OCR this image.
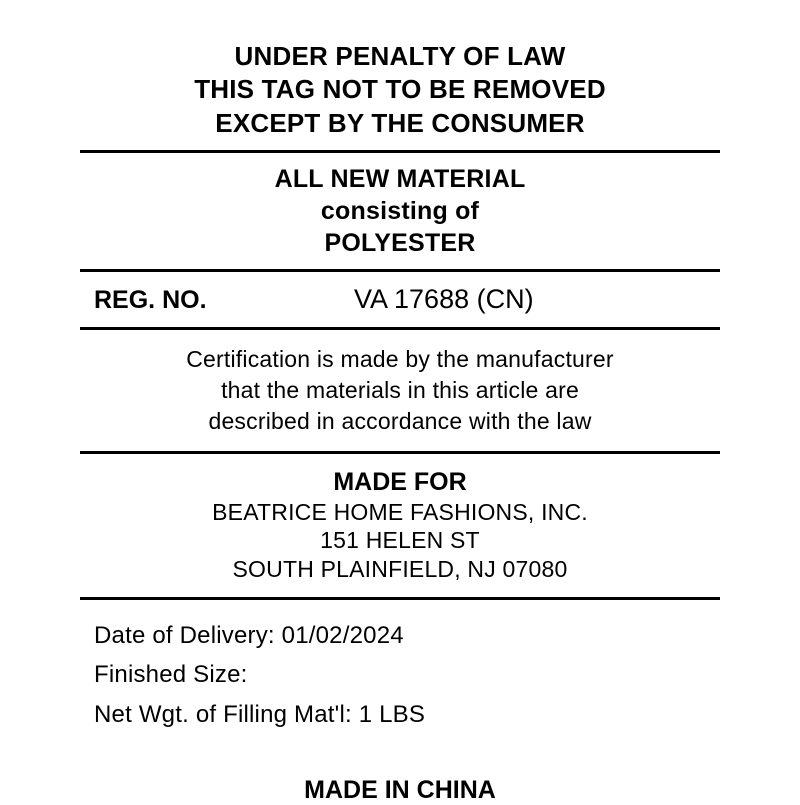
UNDER PENALTY OF LAW
THIS TAG NOT TO BE REMOVED
EXCEPT BY THE CONSUMER
ALL NEW MATERIAL
consisting of
POLYESTER
REG. NO.	VA 17688 (CN)
Certification is made by the manufacturer
that the materials in this article are
described in accordance with the law
MADE FOR
BEATRICE HOME FASHIONS, INC.
151 HELEN ST
SOUTH PLAINFIELD, NJ 07080
Date of Delivery: 01/02/2024
Finished Size:
Net Wgt. of Filling Mat'l: 1 LBS
MADE IN CHINA
